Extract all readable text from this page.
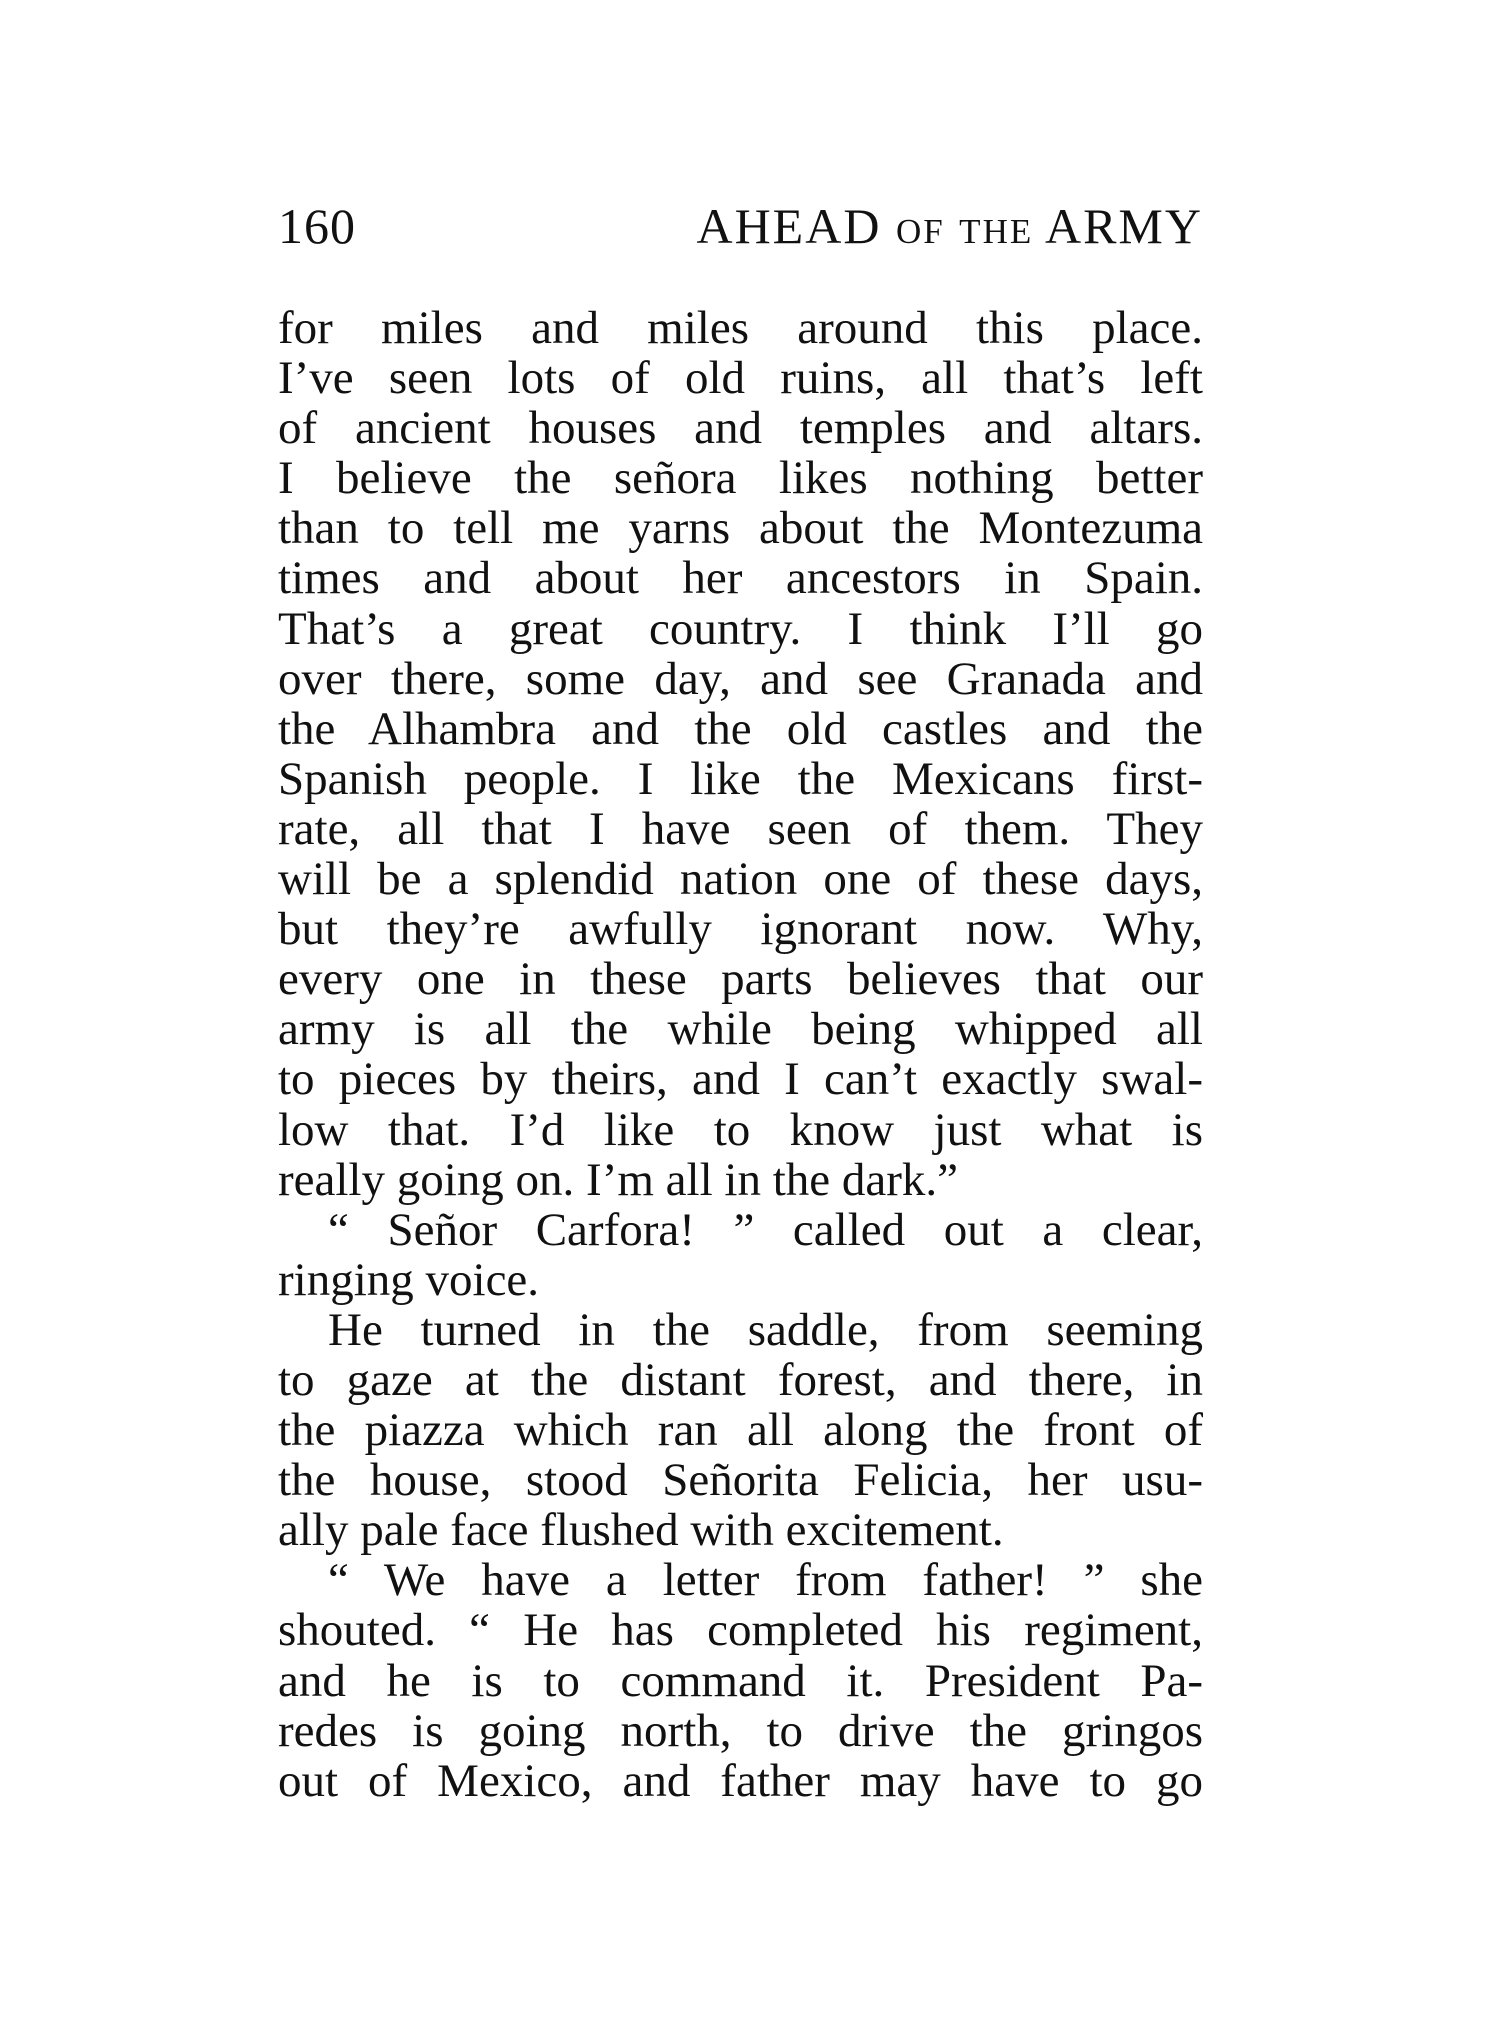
160	AHEAD of the ARMY
for miles and miles around this place.
I’ve seen lots of old ruins, all that’s left
of ancient houses and temples and altars.
I believe the señora likes nothing better
than to tell me yarns about the Montezuma
times and about her ancestors in Spain.
That’s a great country. I think I’ll go
over there, some day, and see Granada and
the Alhambra and the old castles and the
Spanish people. I like the Mexicans first-
rate, all that I have seen of them. They
will be a splendid nation one of these days,
but they’re awfully ignorant now. Why,
every one in these parts believes that our
army is all the while being whipped all
to pieces by theirs, and I can’t exactly swal-
low that. I’d like to know just what is
really going on. I’m all in the dark.”
“ Señor Carfora! ” called out a clear,
ringing voice.
He turned in the saddle, from seeming
to gaze at the distant forest, and there, in
the piazza which ran all along the front of
the house, stood Señorita Felicia, her usu-
ally pale face flushed with excitement.
“ We have a letter from father! ” she
shouted. “ He has completed his regiment,
and he is to command it. President Pa-
redes is going north, to drive the gringos
out of Mexico, and father may have to go
